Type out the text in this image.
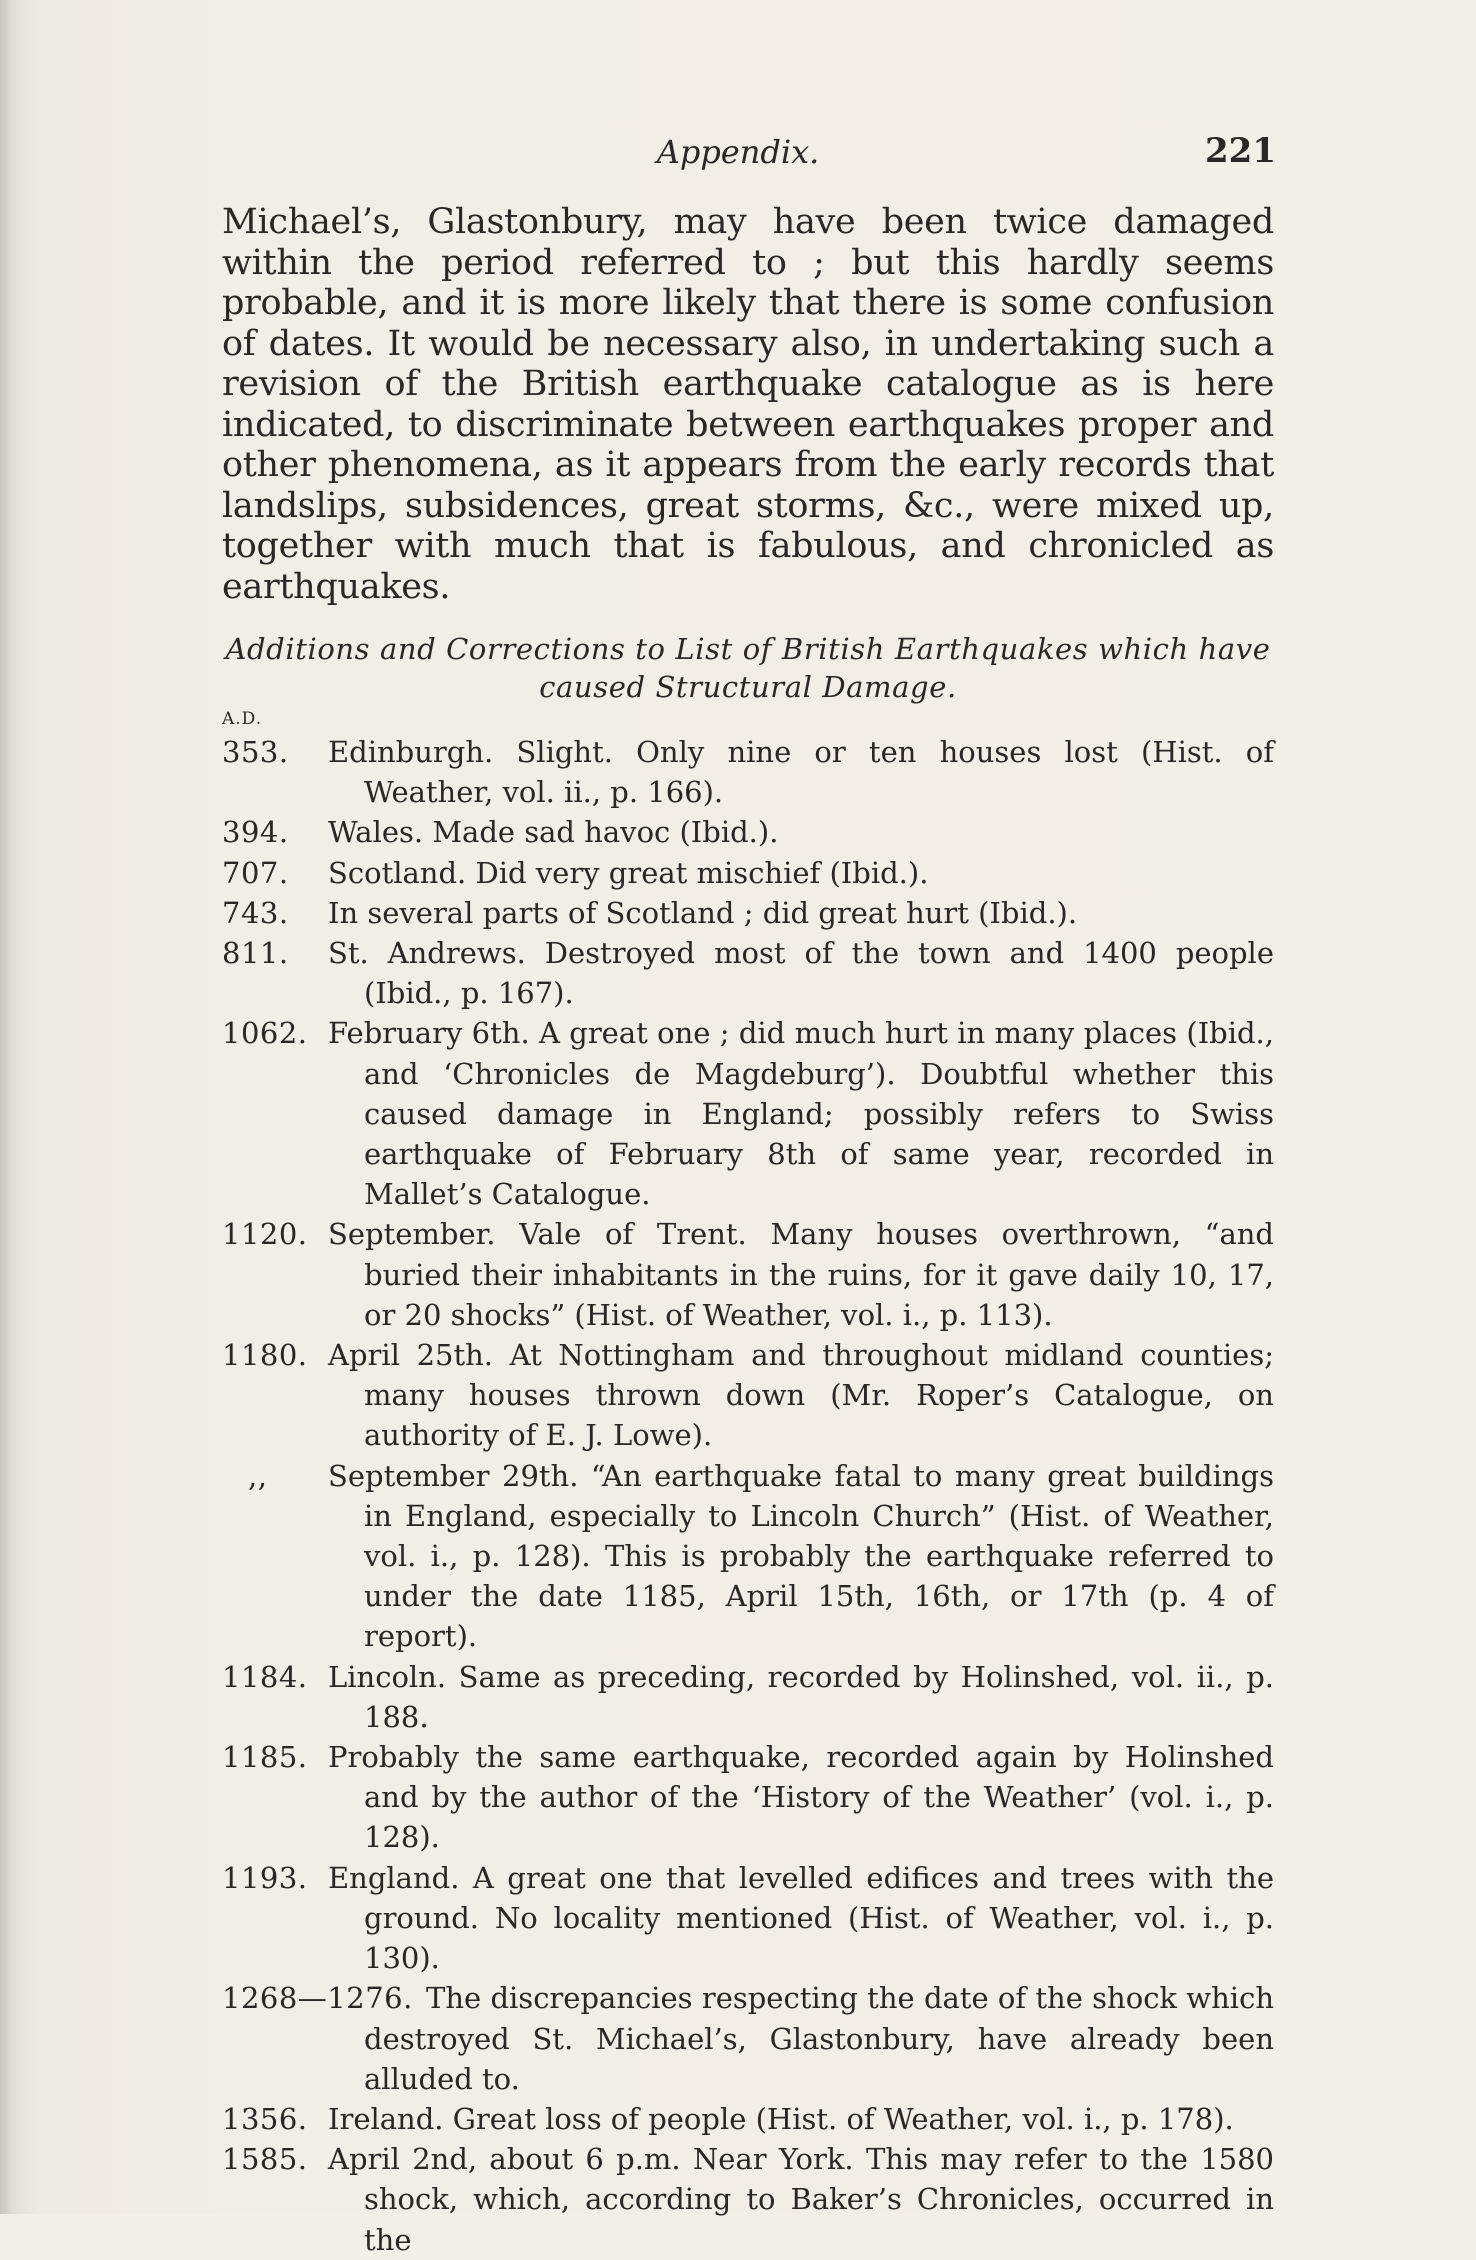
Appendix.	221

Michael’s, Glastonbury, may have been twice damaged within the period referred to ; but this hardly seems probable, and it is more likely that there is some confusion of dates. It would be necessary also, in undertaking such a revision of the British earthquake catalogue as is here indicated, to discriminate between earthquakes proper and other phenomena, as it appears from the early records that landslips, subsidences, great storms, &c., were mixed up, together with much that is fabulous, and chronicled as earthquakes.

Additions and Corrections to List of British Earthquakes which have caused Structural Damage.

A.D.

353. Edinburgh. Slight. Only nine or ten houses lost (Hist. of Weather, vol. ii., p. 166).

394. Wales. Made sad havoc (Ibid.).

707. Scotland. Did very great mischief (Ibid.).

743. In several parts of Scotland ; did great hurt (Ibid.).

811. St. Andrews. Destroyed most of the town and 1400 people (Ibid., p. 167).

1062. February 6th. A great one ; did much hurt in many places (Ibid., and ‘Chronicles de Magdeburg’). Doubtful whether this caused damage in England; possibly refers to Swiss earthquake of February 8th of same year, recorded in Mallet’s Catalogue.

1120. September. Vale of Trent. Many houses overthrown, “and buried their inhabitants in the ruins, for it gave daily 10, 17, or 20 shocks” (Hist. of Weather, vol. i., p. 113).

1180. April 25th. At Nottingham and throughout midland counties; many houses thrown down (Mr. Roper’s Catalogue, on authority of E. J. Lowe).

,, September 29th. “An earthquake fatal to many great buildings in England, especially to Lincoln Church” (Hist. of Weather, vol. i., p. 128). This is probably the earthquake referred to under the date 1185, April 15th, 16th, or 17th (p. 4 of report).

1184. Lincoln. Same as preceding, recorded by Holinshed, vol. ii., p. 188.

1185. Probably the same earthquake, recorded again by Holinshed and by the author of the ‘History of the Weather’ (vol. i., p. 128).

1193. England. A great one that levelled edifices and trees with the ground. No locality mentioned (Hist. of Weather, vol. i., p. 130).

1268—1276. The discrepancies respecting the date of the shock which destroyed St. Michael’s, Glastonbury, have already been alluded to.

1356. Ireland. Great loss of people (Hist. of Weather, vol. i., p. 178).

1585. April 2nd, about 6 p.m. Near York. This may refer to the 1580 shock, which, according to Baker’s Chronicles, occurred in the
